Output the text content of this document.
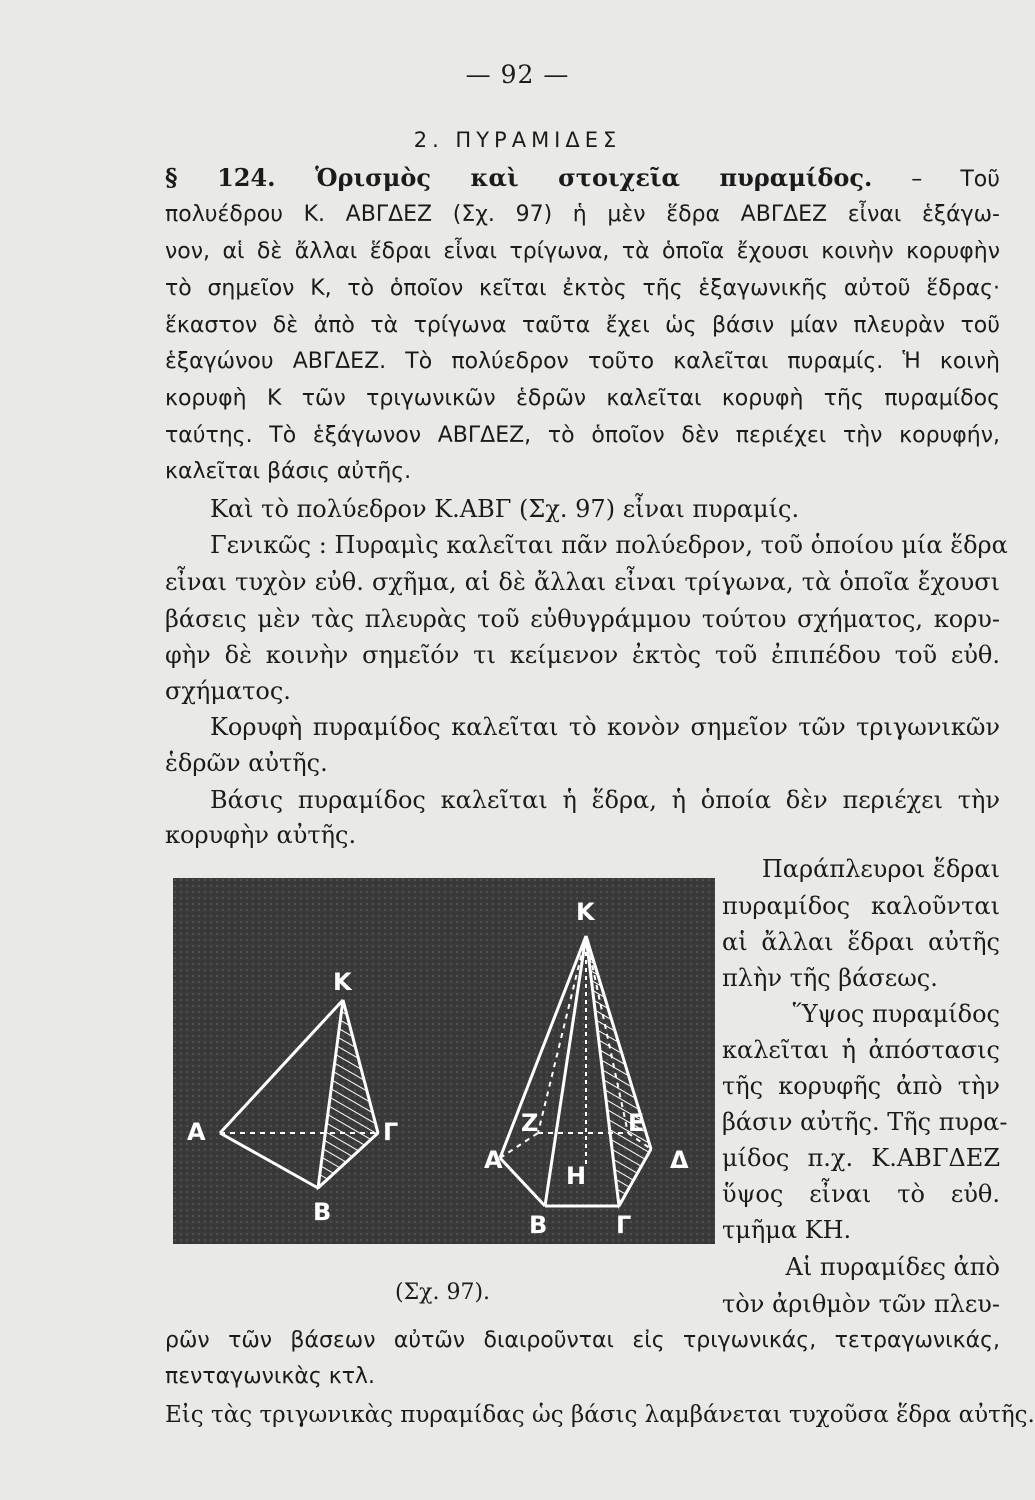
— 92 —
2. ΠΥΡΑΜΙΔΕΣ
§ 124. Ὁρισμὸς καὶ στοιχεῖα πυραμίδος. – Τοῦ
πολυέδρου Κ. ΑΒΓΔΕΖ (Σχ. 97) ἡ μὲν ἕδρα ΑΒΓΔΕΖ εἶναι ἑξάγω-
νον, αἱ δὲ ἄλλαι ἕδραι εἶναι τρίγωνα, τὰ ὁποῖα ἔχουσι κοινὴν κορυφὴν
τὸ σημεῖον Κ, τὸ ὁποῖον κεῖται ἐκτὸς τῆς ἑξαγωνικῆς αὐτοῦ ἕδρας·
ἕκαστον δὲ ἀπὸ τὰ τρίγωνα ταῦτα ἔχει ὡς βάσιν μίαν πλευρὰν τοῦ
ἑξαγώνου ΑΒΓΔΕΖ. Τὸ πολύεδρον τοῦτο καλεῖται πυραμίς. Ἡ κοινὴ
κορυφὴ Κ τῶν τριγωνικῶν ἑδρῶν καλεῖται κορυφὴ τῆς πυραμίδος
ταύτης. Τὸ ἑξάγωνον ΑΒΓΔΕΖ, τὸ ὁποῖον δὲν περιέχει τὴν κορυφήν,
καλεῖται βάσις αὐτῆς.
Καὶ τὸ πολύεδρον Κ.ΑΒΓ (Σχ. 97) εἶναι πυραμίς.
Γενικῶς : Πυραμὶς καλεῖται πᾶν πολύεδρον, τοῦ ὁποίου μία ἕδρα
εἶναι τυχὸν εὐθ. σχῆμα, αἱ δὲ ἄλλαι εἶναι τρίγωνα, τὰ ὁποῖα ἔχουσι
βάσεις μὲν τὰς πλευρὰς τοῦ εὐθυγράμμου τούτου σχήματος, κορυ-
φὴν δὲ κοινὴν σημεῖόν τι κείμενον ἐκτὸς τοῦ ἐπιπέδου τοῦ εὐθ.
σχήματος.
Κορυφὴ πυραμίδος καλεῖται τὸ κονὸν σημεῖον τῶν τριγωνικῶν
ἑδρῶν αὐτῆς.
Βάσις πυραμίδος καλεῖται ἡ ἕδρα, ἡ ὁποία δὲν περιέχει τὴν
κορυφὴν αὐτῆς.
Κ
Α	Γ
Β
Κ
Ζ	Ε
Α
Η
Δ
Β	Γ
(Σχ. 97).
Παράπλευροι ἕδραι
πυραμίδος καλοῦνται
αἱ ἄλλαι ἕδραι αὐτῆς
πλὴν τῆς βάσεως.
Ὕψος πυραμίδος
καλεῖται ἡ ἀπόστασις
τῆς κορυφῆς ἀπὸ τὴν
βάσιν αὐτῆς. Τῆς πυρα-
μίδος π.χ. Κ.ΑΒΓΔΕΖ
ὕψος εἶναι τὸ εὐθ.
τμῆμα ΚΗ.
Αἱ πυραμίδες ἀπὸ
τὸν ἀριθμὸν τῶν πλευ-
ρῶν τῶν βάσεων αὐτῶν διαιροῦνται εἰς τριγωνικάς, τετραγωνικάς,
πενταγωνικὰς κτλ.
Εἰς τὰς τριγωνικὰς πυραμίδας ὡς βάσις λαμβάνεται τυχοῦσα ἕδρα αὐτῆς.
